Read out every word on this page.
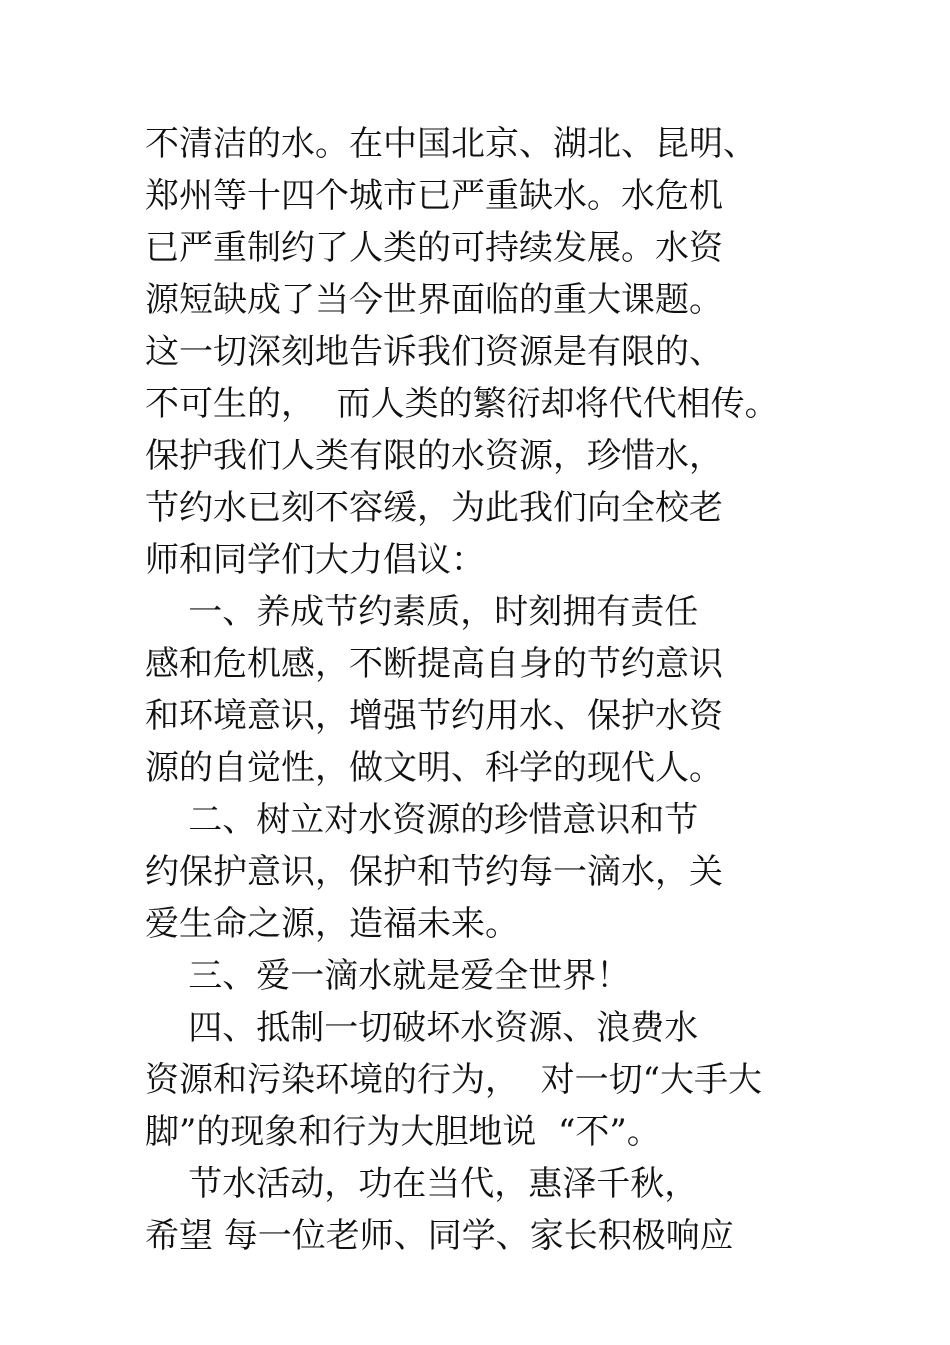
不清洁的水。在中国北京、湖北、昆明、
郑州等十四个城市已严重缺水。水危机
已严重制约了人类的可持续发展。水资
源短缺成了当今世界面临的重大课题。
这一切深刻地告诉我们资源是有限的、
不可生的，  而人类的繁衍却将代代相传。
保护我们人类有限的水资源，珍惜水，
节约水已刻不容缓，为此我们向全校老
师和同学们大力倡议：
一、养成节约素质，时刻拥有责任
感和危机感，不断提高自身的节约意识
和环境意识，增强节约用水、保护水资
源的自觉性，做文明、科学的现代人。
二、树立对水资源的珍惜意识和节
约保护意识，保护和节约每一滴水，关
爱生命之源，造福未来。
三、爱一滴水就是爱全世界！
四、抵制一切破坏水资源、浪费水
资源和污染环境的行为，  对一切“大手大
脚”的现象和行为大胆地说  “不”。
节水活动，功在当代，惠泽千秋，
希望 每一位老师、同学、家长积极响应
